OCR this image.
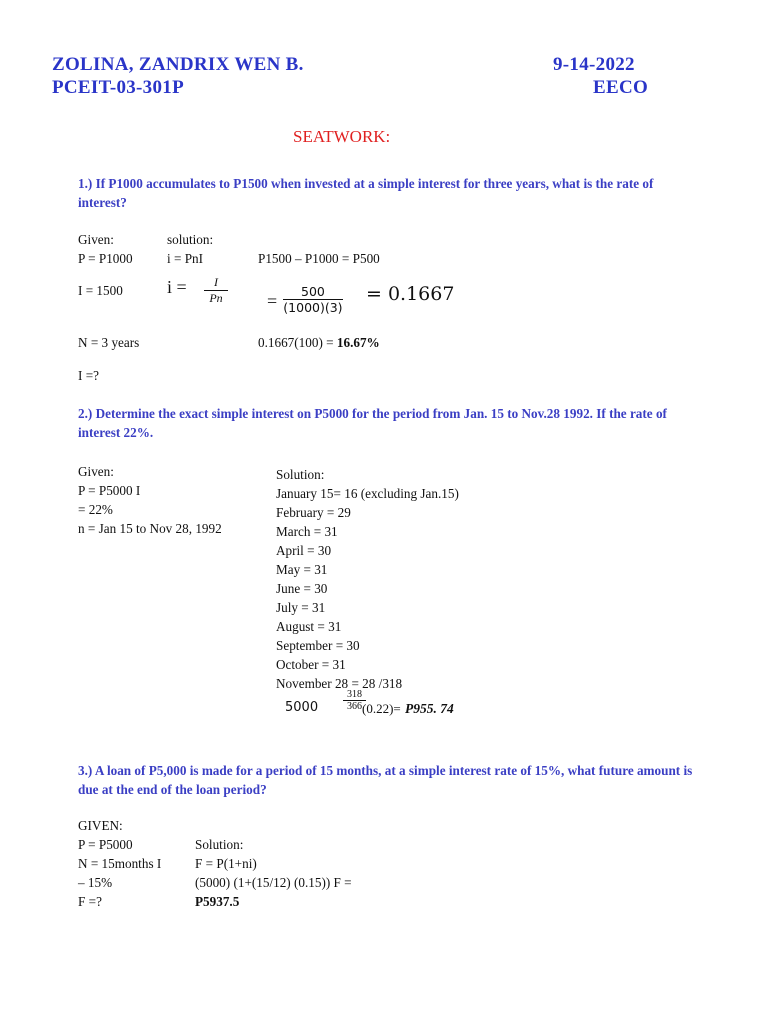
ZOLINA, ZANDRIX WEN B.	9-14-2022
PCEIT-03-301P	EECO
SEATWORK:
1.) If P1000 accumulates to P1500 when invested at a simple interest for three years, what is the rate of interest?
Given:
P = P1000
I = 1500
N = 3 years
I =?
solution:
i = PnI	P1500 – P1000 = P500
$i = \frac{I}{Pn} = \frac{500}{(1000)(3)} = 0.1667$
0.1667(100) = 16.67%
2.) Determine the exact simple interest on P5000 for the period from Jan. 15 to Nov.28 1992. If the rate of interest 22%.
Given:
P = P5000 I
= 22%
n = Jan 15 to Nov 28, 1992
Solution:
January 15= 16 (excluding Jan.15)
February = 29
March = 31
April = 30
May = 31
June = 30
July = 31
August = 31
September = 30
October = 31
November 28 = 28 /318
$5000 \frac{318}{366}$
(0.22)= P955. 74
3.) A loan of P5,000 is made for a period of 15 months, at a simple interest rate of 15%, what future amount is due at the end of the loan period?
GIVEN:
P = P5000
N = 15months I
– 15%
F =?
Solution:
F = P(1+ni)
(5000) (1+(15/12) (0.15)) F =
P5937.5
